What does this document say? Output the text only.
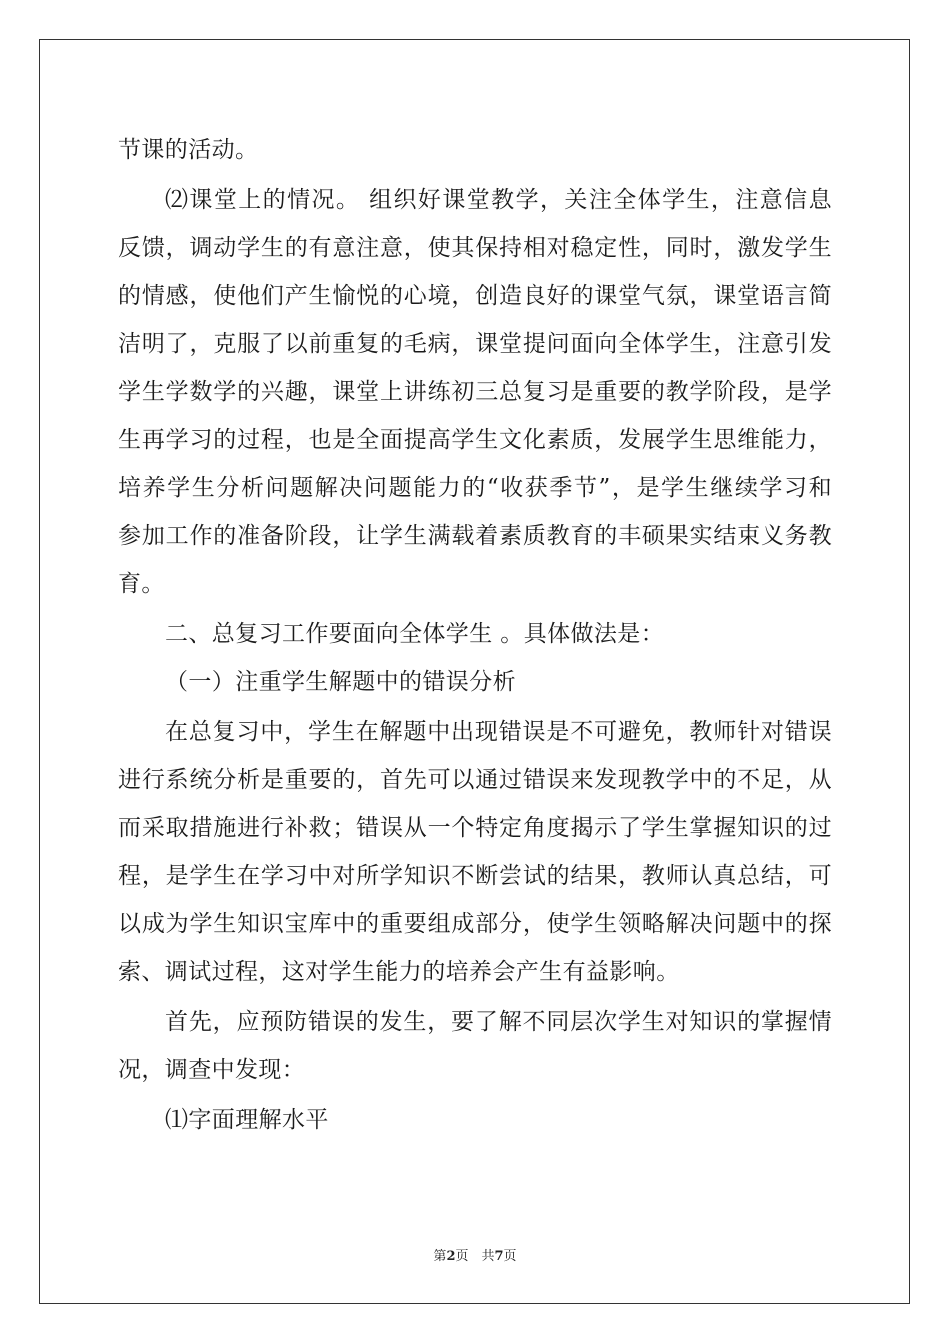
节课的活动。
⑵课堂上的情况。 组织好课堂教学，关注全体学生，注意信息
反馈，调动学生的有意注意，使其保持相对稳定性，同时，激发学生
的情感，使他们产生愉悦的心境，创造良好的课堂气氛，课堂语言简
洁明了，克服了以前重复的毛病，课堂提问面向全体学生，注意引发
学生学数学的兴趣，课堂上讲练初三总复习是重要的教学阶段，是学
生再学习的过程，也是全面提高学生文化素质，发展学生思维能力，
培养学生分析问题解决问题能力的“收获季节”，是学生继续学习和
参加工作的准备阶段，让学生满载着素质教育的丰硕果实结束义务教
育。
二、总复习工作要面向全体学生 。具体做法是：
（一）注重学生解题中的错误分析
在总复习中，学生在解题中出现错误是不可避免，教师针对错误
进行系统分析是重要的，首先可以通过错误来发现教学中的不足，从
而采取措施进行补救；错误从一个特定角度揭示了学生掌握知识的过
程，是学生在学习中对所学知识不断尝试的结果，教师认真总结，可
以成为学生知识宝库中的重要组成部分，使学生领略解决问题中的探
索、调试过程，这对学生能力的培养会产生有益影响。
首先，应预防错误的发生，要了解不同层次学生对知识的掌握情
况，调查中发现：
⑴字面理解水平
第2页　共7页
